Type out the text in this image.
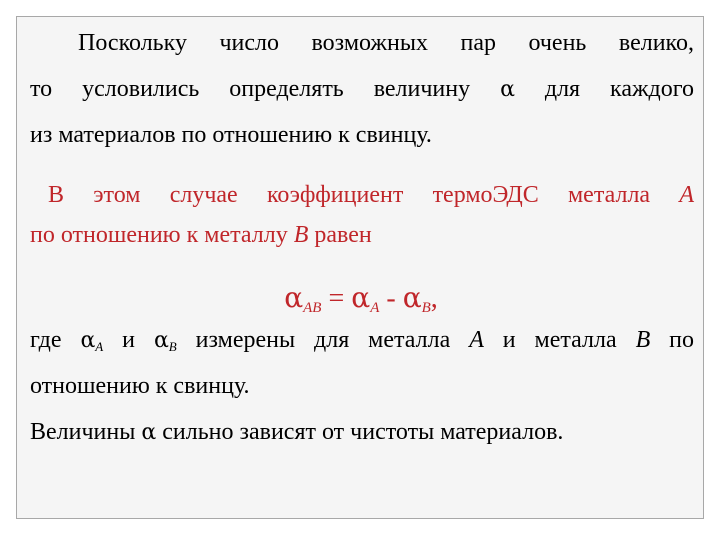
Поскольку число возможных пар очень велико,
то условились определять величину α для каждого
из материалов по отношению к свинцу.
В этом случае коэффициент термоЭДС металла А
по отношению к металлу В равен
$\alpha_{AB} = \alpha_A - \alpha_B$,
где $\alpha_A$ и $\alpha_B$ измерены для металла А и металла В по
отношению к свинцу.
Величины α сильно зависят от чистоты материалов.
